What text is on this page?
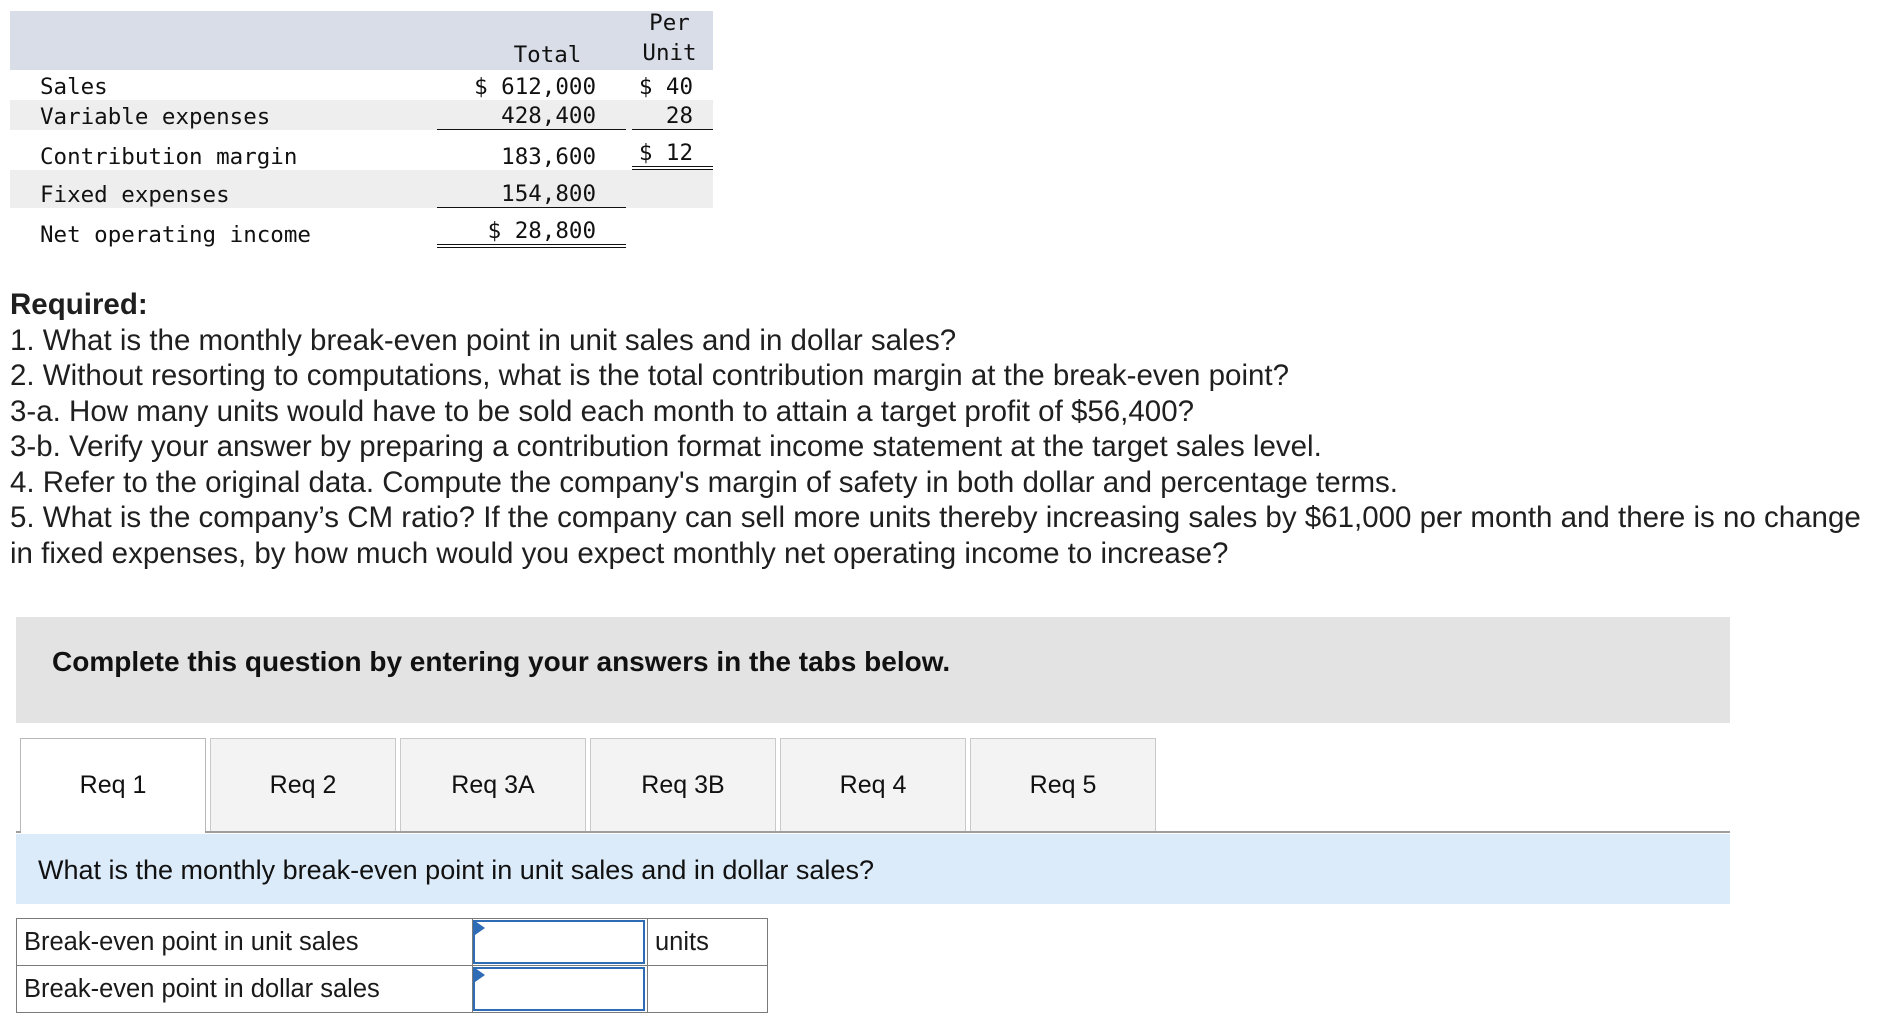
Total
Per
Unit
Sales	$ 612,000	$ 40
Variable expenses	428,400	28
Contribution margin	183,600	$ 12
Fixed expenses	154,800
Net operating income	$ 28,800
Required:
1. What is the monthly break-even point in unit sales and in dollar sales?
2. Without resorting to computations, what is the total contribution margin at the break-even point?
3-a. How many units would have to be sold each month to attain a target profit of $56,400?
3-b. Verify your answer by preparing a contribution format income statement at the target sales level.
4. Refer to the original data. Compute the company's margin of safety in both dollar and percentage terms.
5. What is the company’s CM ratio? If the company can sell more units thereby increasing sales by $61,000 per month and there is no change in fixed expenses, by how much would you expect monthly net operating income to increase?
Complete this question by entering your answers in the tabs below.
Req 1	Req 2	Req 3A	Req 3B	Req 4	Req 5
What is the monthly break-even point in unit sales and in dollar sales?
Break-even point in unit sales		units
Break-even point in dollar sales	
